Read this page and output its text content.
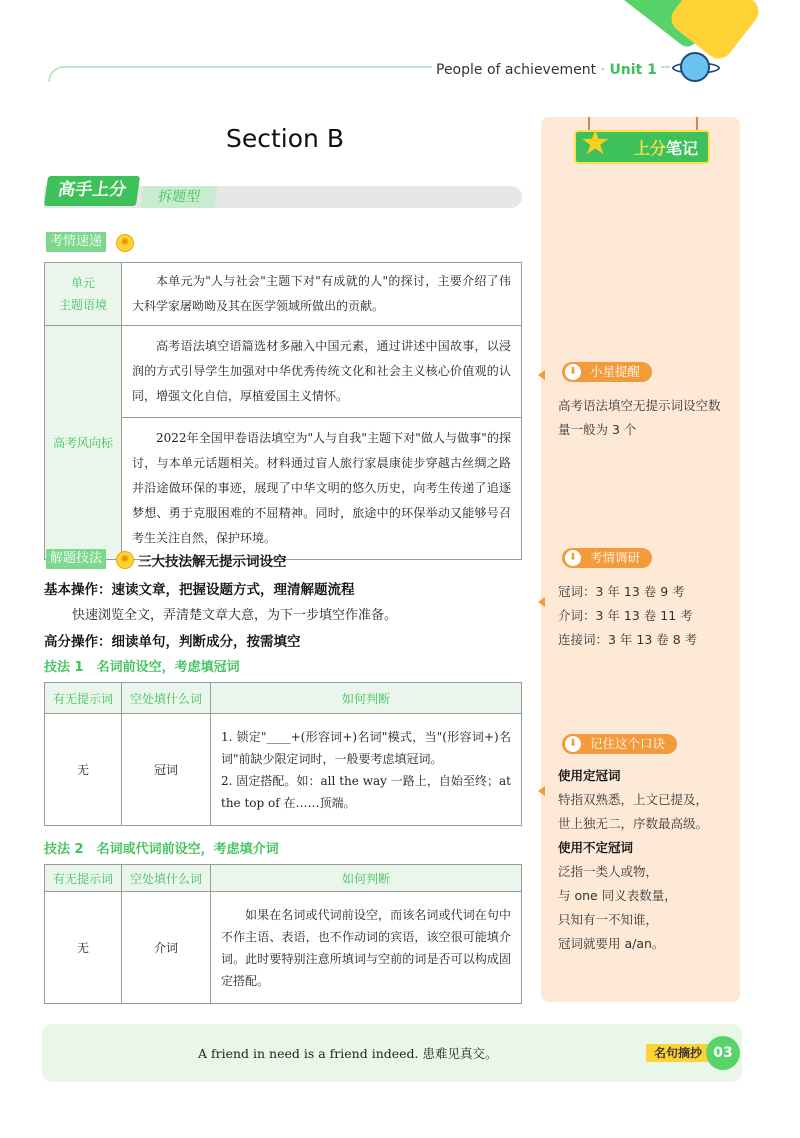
People of achievement · Unit 1
Section B
高手上分	拆题型
考情速递	✺
单元
主题语境	本单元为"人与社会"主题下对"有成就的人"的探讨，主要介绍了伟大科学家屠呦呦及其在医学领域所做出的贡献。
高考风向标	高考语法填空语篇选材多融入中国元素，通过讲述中国故事，以浸润的方式引导学生加强对中华优秀传统文化和社会主义核心价值观的认同，增强文化自信，厚植爱国主义情怀。
	2022年全国甲卷语法填空为"人与自我"主题下对"做人与做事"的探讨，与本单元话题相关。材料通过盲人旅行家晨康徒步穿越古丝绸之路并沿途做环保的事迹，展现了中华文明的悠久历史，向考生传递了追逐梦想、勇于克服困难的不屈精神。同时，旅途中的环保举动又能够号召考生关注自然，保护环境。
解题技法	✺ 三大技法解无提示词设空
基本操作：速读文章，把握设题方式，理清解题流程
快速浏览全文，弄清楚文章大意，为下一步填空作准备。
高分操作：细读单句，判断成分，按需填空
技法 1　名词前设空，考虑填冠词
有无提示词	空处填什么词	如何判断
无	冠词	1. 锁定"____+(形容词+)名词"模式，当"(形容词+)名词"前缺少限定词时，一般要考虑填冠词。
2. 固定搭配。如：all the way 一路上，自始至终；at the top of 在……顶端。
技法 2　名词或代词前设空，考虑填介词
有无提示词	空处填什么词	如何判断
无	介词	如果在名词或代词前设空，而该名词或代词在句中不作主语、表语，也不作动词的宾语，该空很可能填介词。此时要特别注意所填词与空前的词是否可以构成固定搭配。
上分笔记
★
⬇	小星提醒
高考语法填空无提示词设空数
量一般为 3 个
⬇	考情调研
冠词：3 年 13 卷 9 考
介词：3 年 13 卷 11 考
连接词：3 年 13 卷 8 考
⬇	记住这个口诀
使用定冠词
特指双熟悉，上文已提及，
世上独无二，序数最高级。
使用不定冠词
泛指一类人或物，
与 one 同义表数量，
只知有一不知谁，
冠词就要用 a/an。
A friend in need is a friend indeed. 患难见真交。	名句摘抄 03
